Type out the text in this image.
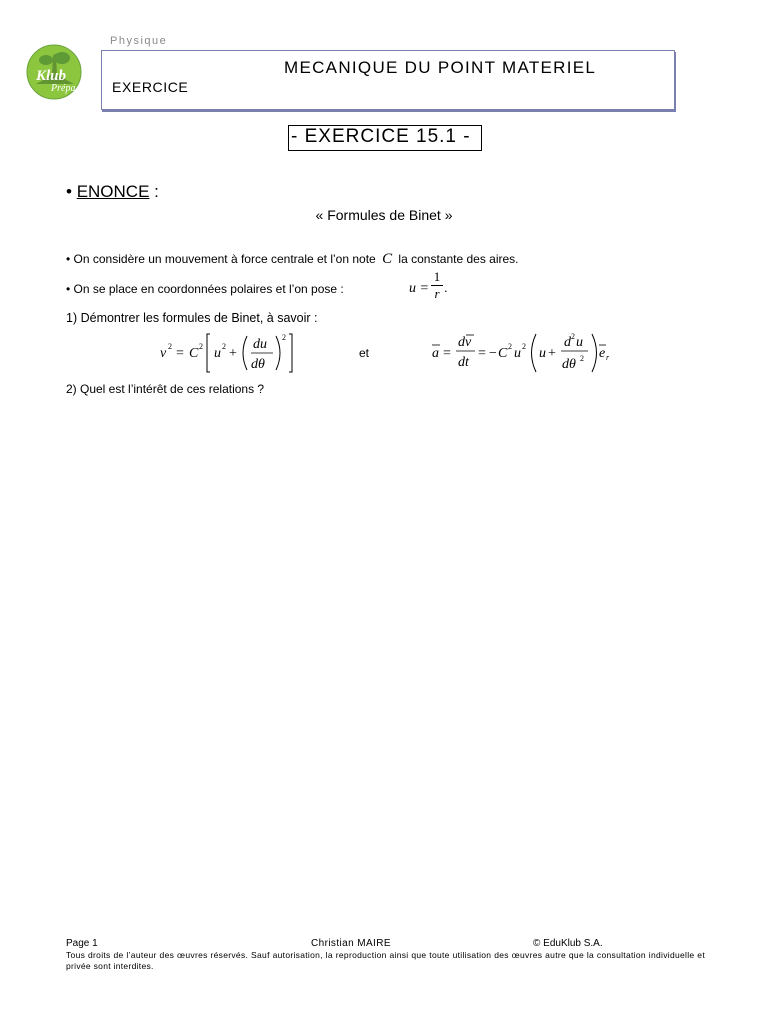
Klub
Prépa
Physique
MECANIQUE DU POINT MATERIEL
EXERCICE
- EXERCICE 15.1 -
• ENONCE :
« Formules de Binet »
• On considère un mouvement à force centrale et l’on note C la constante des aires.
• On se place en coordonnées polaires et l’on pose :	u =
1
r .
1) Démontrer les formules de Binet, à savoir :
v 2 = C 2 u 2 +
du
dθ
2
et	a =
dv
dt
= − C 2 u 2 u +
d 2 u
dθ 2 e r
2) Quel est l’intérêt de ces relations ?
Page 1	Christian MAIRE	© EduKlub S.A.
Tous droits de l’auteur des œuvres réservés. Sauf autorisation, la reproduction ainsi que toute utilisation des œuvres autre que la consultation individuelle et privée sont interdites.
